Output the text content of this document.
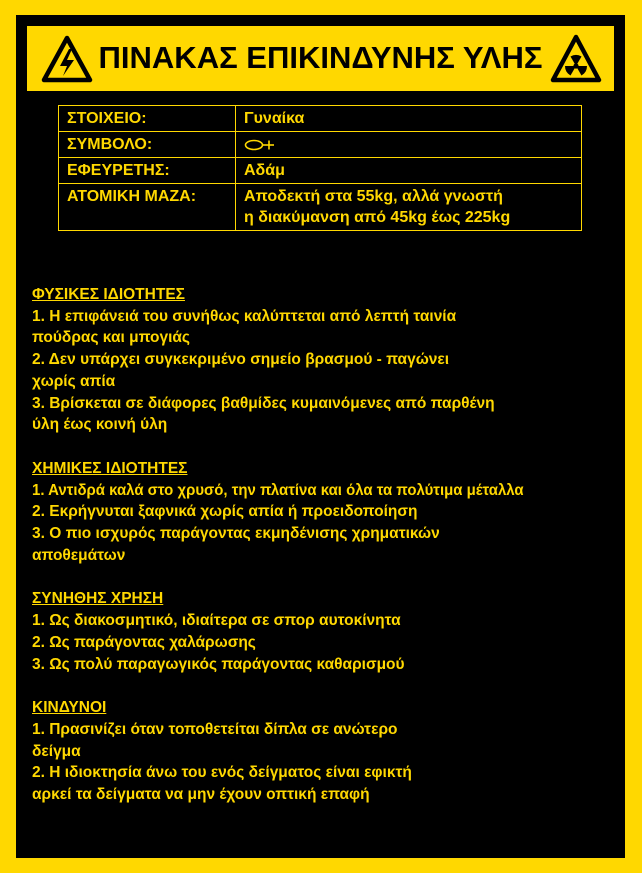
ΠΙΝΑΚΑΣ ΕΠΙΚΙΝΔΥΝΗΣ ΥΛΗΣ
ΣΤΟΙΧΕΙΟ:	Γυναίκα
ΣΥΜΒΟΛΟ:	
ΕΦΕΥΡΕΤΗΣ:	Αδάμ
ΑΤΟΜΙΚΗ ΜΑΖΑ:	Αποδεκτή στα 55kg, αλλά γνωστή
η διακύμανση από 45kg έως 225kg
ΦΥΣΙΚΕΣ ΙΔΙΟΤΗΤΕΣ
1. Η επιφάνειά του συνήθως καλύπτεται από λεπτή ταινία
πούδρας και μπογιάς
2. Δεν υπάρχει συγκεκριμένο σημείο βρασμού - παγώνει
χωρίς απία
3. Βρίσκεται σε διάφορες βαθμίδες κυμαινόμενες από παρθένη
ύλη έως κοινή ύλη
ΧΗΜΙΚΕΣ ΙΔΙΟΤΗΤΕΣ
1. Αντιδρά καλά στο χρυσό, την πλατίνα και όλα τα πολύτιμα μέταλλα
2. Εκρήγνυται ξαφνικά χωρίς απία ή προειδοποίηση
3. Ο πιο ισχυρός παράγοντας εκμηδένισης χρηματικών
αποθεμάτων
ΣΥΝΗΘΗΣ ΧΡΗΣΗ
1. Ως διακοσμητικό, ιδιαίτερα σε σπορ αυτοκίνητα
2. Ως παράγοντας χαλάρωσης
3. Ως πολύ παραγωγικός παράγοντας καθαρισμού
ΚΙΝΔΥΝΟΙ
1. Πρασινίζει όταν τοποθετείται δίπλα σε ανώτερο
δείγμα
2. Η ιδιοκτησία άνω του ενός δείγματος είναι εφικτή
αρκεί τα δείγματα να μην έχουν οπτική επαφή
